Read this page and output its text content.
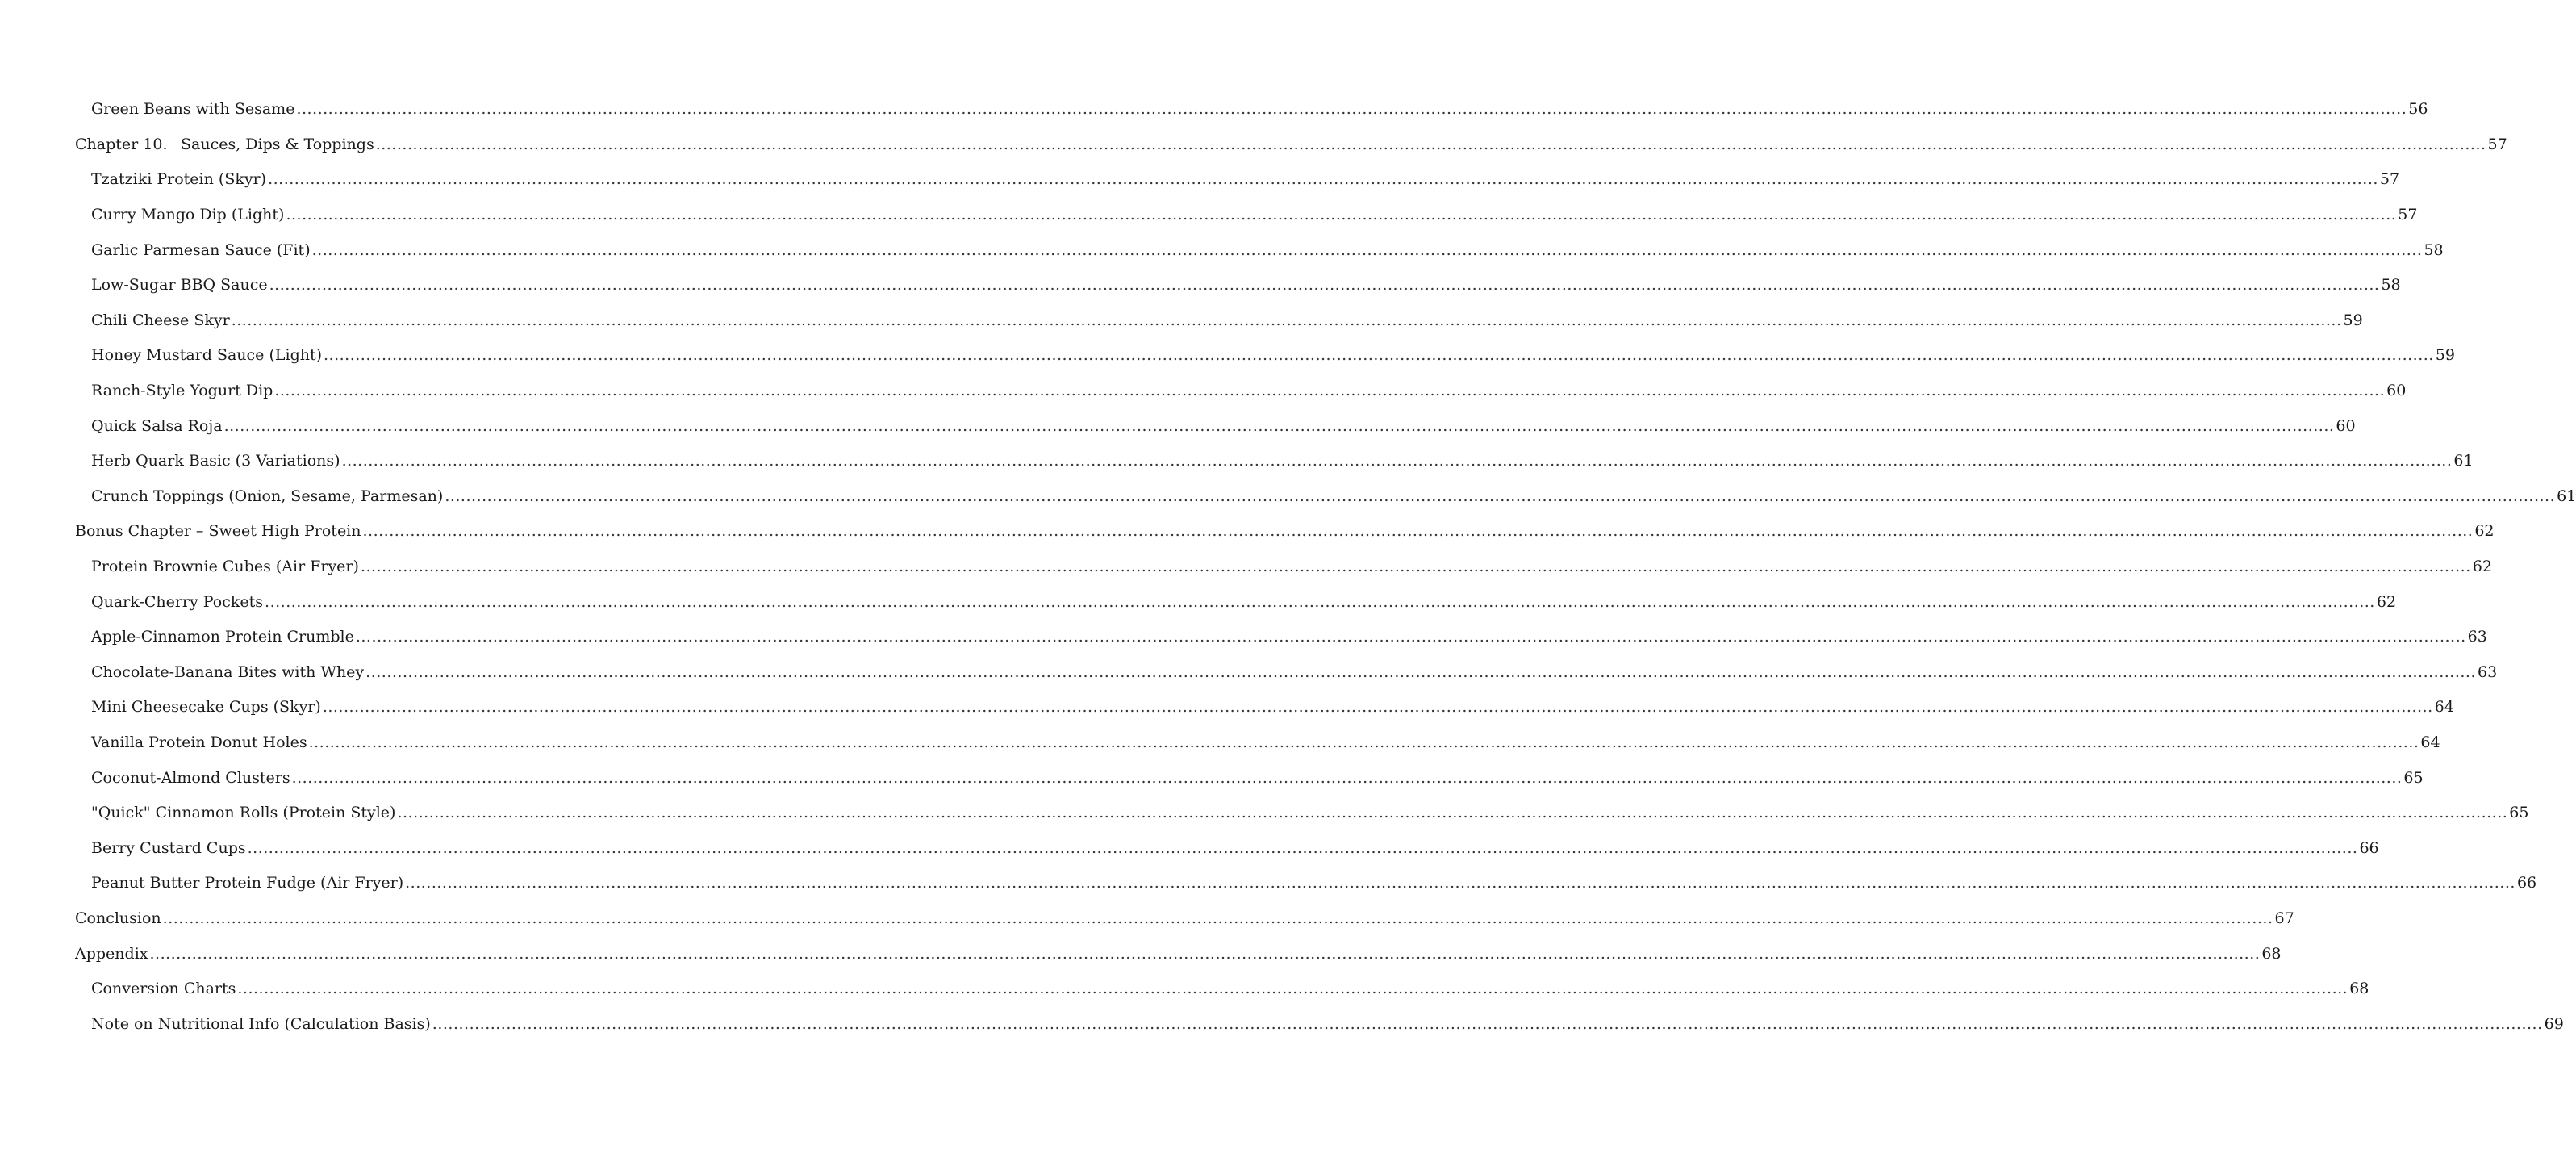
Green Beans with Sesame ................................................................................................................................................................................................................................................................................................................................................................................................................ 56
Chapter 10. Sauces, Dips & Toppings ................................................................................................................................................................................................................................................................................................................................................................................................................ 57
Tzatziki Protein (Skyr) ................................................................................................................................................................................................................................................................................................................................................................................................................ 57
Curry Mango Dip (Light) ................................................................................................................................................................................................................................................................................................................................................................................................................ 57
Garlic Parmesan Sauce (Fit) ................................................................................................................................................................................................................................................................................................................................................................................................................ 58
Low-Sugar BBQ Sauce ................................................................................................................................................................................................................................................................................................................................................................................................................ 58
Chili Cheese Skyr ................................................................................................................................................................................................................................................................................................................................................................................................................ 59
Honey Mustard Sauce (Light) ................................................................................................................................................................................................................................................................................................................................................................................................................ 59
Ranch-Style Yogurt Dip ................................................................................................................................................................................................................................................................................................................................................................................................................ 60
Quick Salsa Roja ................................................................................................................................................................................................................................................................................................................................................................................................................ 60
Herb Quark Basic (3 Variations) ................................................................................................................................................................................................................................................................................................................................................................................................................ 61
Crunch Toppings (Onion, Sesame, Parmesan) ................................................................................................................................................................................................................................................................................................................................................................................................................ 61
Bonus Chapter – Sweet High Protein ................................................................................................................................................................................................................................................................................................................................................................................................................ 62
Protein Brownie Cubes (Air Fryer) ................................................................................................................................................................................................................................................................................................................................................................................................................ 62
Quark-Cherry Pockets ................................................................................................................................................................................................................................................................................................................................................................................................................ 62
Apple-Cinnamon Protein Crumble ................................................................................................................................................................................................................................................................................................................................................................................................................ 63
Chocolate-Banana Bites with Whey ................................................................................................................................................................................................................................................................................................................................................................................................................ 63
Mini Cheesecake Cups (Skyr) ................................................................................................................................................................................................................................................................................................................................................................................................................ 64
Vanilla Protein Donut Holes ................................................................................................................................................................................................................................................................................................................................................................................................................ 64
Coconut-Almond Clusters ................................................................................................................................................................................................................................................................................................................................................................................................................ 65
"Quick" Cinnamon Rolls (Protein Style) ................................................................................................................................................................................................................................................................................................................................................................................................................ 65
Berry Custard Cups ................................................................................................................................................................................................................................................................................................................................................................................................................ 66
Peanut Butter Protein Fudge (Air Fryer) ................................................................................................................................................................................................................................................................................................................................................................................................................ 66
Conclusion ................................................................................................................................................................................................................................................................................................................................................................................................................ 67
Appendix ................................................................................................................................................................................................................................................................................................................................................................................................................ 68
Conversion Charts ................................................................................................................................................................................................................................................................................................................................................................................................................ 68
Note on Nutritional Info (Calculation Basis) ................................................................................................................................................................................................................................................................................................................................................................................................................ 69
